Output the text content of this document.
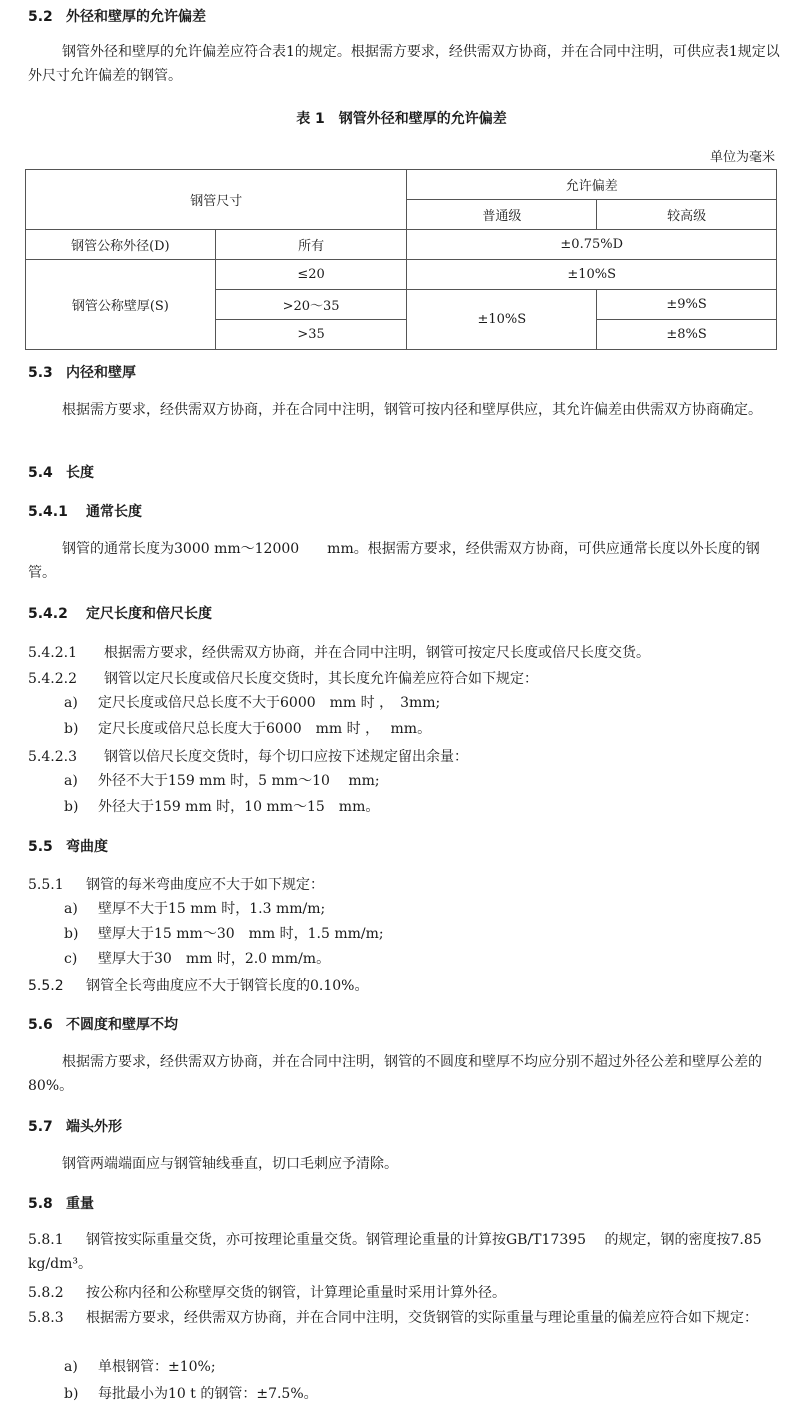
5.2 外径和壁厚的允许偏差
钢管外径和壁厚的允许偏差应符合表1的规定。根据需方要求，经供需双方协商，并在合同中注明，可供应表1规定以外尺寸允许偏差的钢管。
表 1　钢管外径和壁厚的允许偏差
单位为毫米
钢管尺寸		允许偏差	
		普通级	较高级
钢管公称外径(D)	所有	±0.75%D	
钢管公称壁厚(S)	≤20	±10%S	
	>20～35	±10%S	±9%S
	>35		±8%S
5.3 内径和壁厚
根据需方要求，经供需双方协商，并在合同中注明，钢管可按内径和壁厚供应，其允许偏差由供需双方协商确定。
5.4 长度
5.4.1 通常长度
钢管的通常长度为3000 mm～12000　　mm。根据需方要求，经供需双方协商，可供应通常长度以外长度的钢管。
5.4.2 定尺长度和倍尺长度
5.4.2.1 根据需方要求，经供需双方协商，并在合同中注明，钢管可按定尺长度或倍尺长度交货。
5.4.2.2 钢管以定尺长度或倍尺长度交货时，其长度允许偏差应符合如下规定：
a) 定尺长度或倍尺总长度不大于6000　mm 时 ，　3mm;
b) 定尺长度或倍尺总长度大于6000　mm 时 ，　 mm。
5.4.2.3 钢管以倍尺长度交货时，每个切口应按下述规定留出余量：
a) 外径不大于159 mm 时，5 mm～10　 mm;
b) 外径大于159 mm 时，10 mm～15　mm。
5.5 弯曲度
5.5.1 钢管的每米弯曲度应不大于如下规定：
a) 壁厚不大于15 mm 时，1.3 mm/m;
b) 壁厚大于15 mm～30　mm 时，1.5 mm/m;
c) 壁厚大于30　mm 时，2.0 mm/m。
5.5.2 钢管全长弯曲度应不大于钢管长度的0.10%。
5.6 不圆度和壁厚不均
根据需方要求，经供需双方协商，并在合同中注明，钢管的不圆度和壁厚不均应分别不超过外径公差和壁厚公差的 80%。
5.7 端头外形
钢管两端端面应与钢管轴线垂直，切口毛刺应予清除。
5.8 重量
5.8.1 钢管按实际重量交货，亦可按理论重量交货。钢管理论重量的计算按GB/T17395　 的规定，钢的密度按7.85 kg/dm³。
5.8.2 按公称内径和公称壁厚交货的钢管，计算理论重量时采用计算外径。
5.8.3 根据需方要求，经供需双方协商，并在合同中注明，交货钢管的实际重量与理论重量的偏差应符合如下规定：
a) 单根钢管：±10%;
b) 每批最小为10 t 的钢管：±7.5%。
